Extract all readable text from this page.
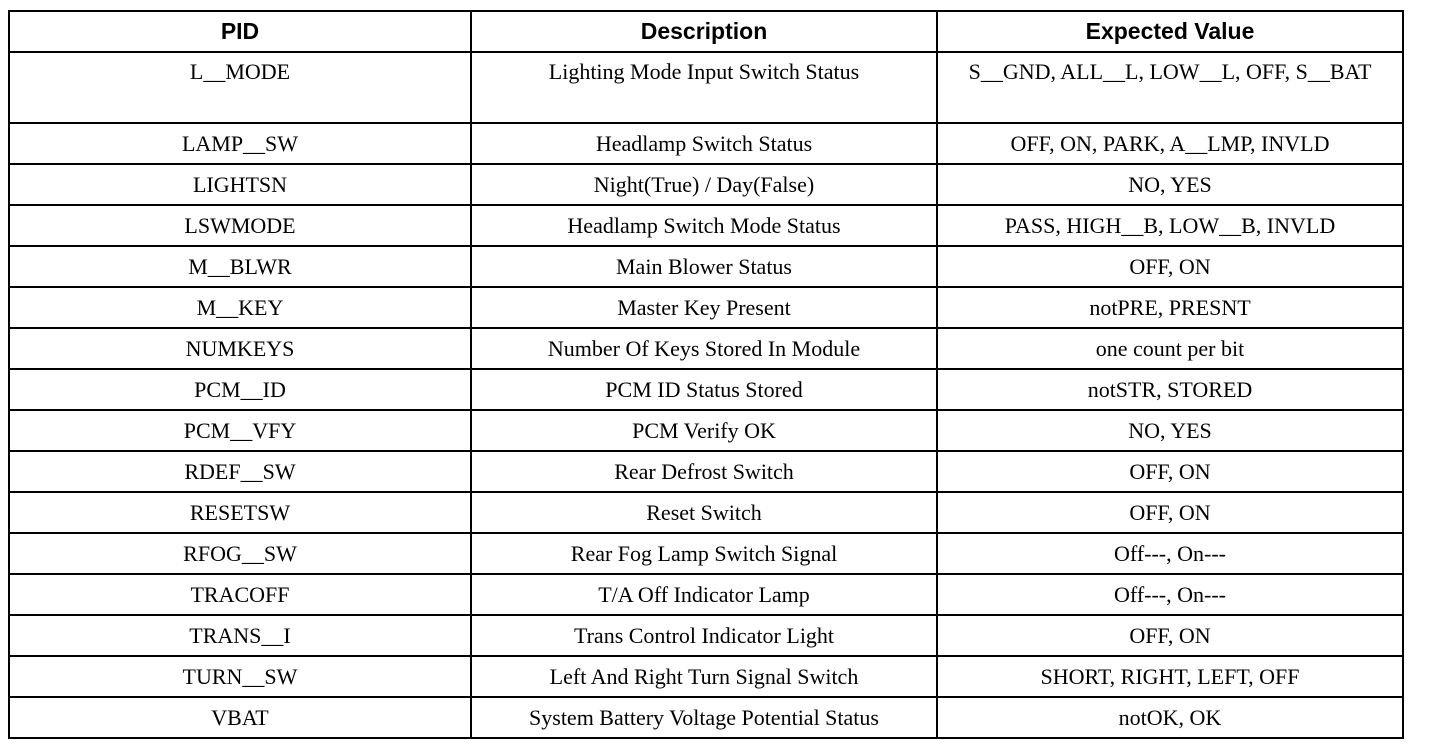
PID	Description	Expected Value
L__MODE	Lighting Mode Input Switch Status	S__GND, ALL__L, LOW__L, OFF, S__BAT
LAMP__SW	Headlamp Switch Status	OFF, ON, PARK, A__LMP, INVLD
LIGHTSN	Night(True) / Day(False)	NO, YES
LSWMODE	Headlamp Switch Mode Status	PASS, HIGH__B, LOW__B, INVLD
M__BLWR	Main Blower Status	OFF, ON
M__KEY	Master Key Present	notPRE, PRESNT
NUMKEYS	Number Of Keys Stored In Module	one count per bit
PCM__ID	PCM ID Status Stored	notSTR, STORED
PCM__VFY	PCM Verify OK	NO, YES
RDEF__SW	Rear Defrost Switch	OFF, ON
RESETSW	Reset Switch	OFF, ON
RFOG__SW	Rear Fog Lamp Switch Signal	Off---, On---
TRACOFF	T/A Off Indicator Lamp	Off---, On---
TRANS__I	Trans Control Indicator Light	OFF, ON
TURN__SW	Left And Right Turn Signal Switch	SHORT, RIGHT, LEFT, OFF
VBAT	System Battery Voltage Potential Status	notOK, OK
